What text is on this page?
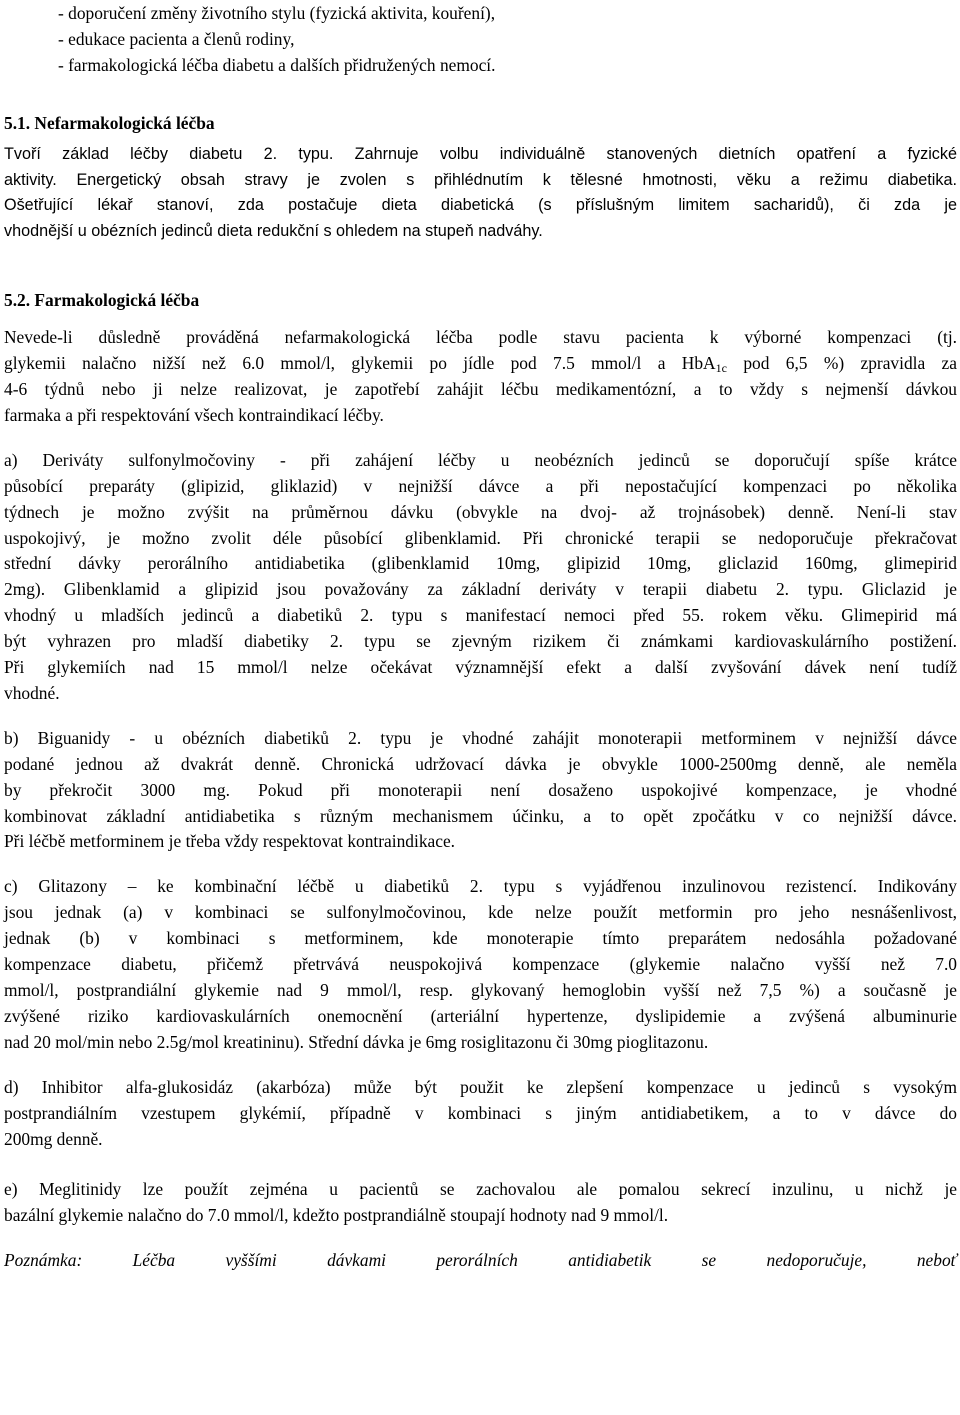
- doporučení změny životního stylu (fyzická aktivita, kouření),
- edukace pacienta a členů rodiny,
- farmakologická léčba diabetu a dalších přidružených nemocí.

5.1. Nefarmakologická léčba

Tvoří základ léčby diabetu 2. typu. Zahrnuje volbu individuálně stanovených dietních opatření a fyzické
aktivity. Energetický obsah stravy je zvolen s přihlédnutím k tělesné hmotnosti, věku a režimu diabetika.
Ošetřující lékař stanoví, zda postačuje dieta diabetická (s příslušným limitem sacharidů), či zda je
vhodnější u obézních jedinců dieta redukční s ohledem na stupeň nadváhy.

5.2. Farmakologická léčba

Nevede-li důsledně prováděná nefarmakologická léčba podle stavu pacienta k výborné kompenzaci (tj.
glykemii nalačno nižší než 6.0 mmol/l, glykemii po jídle pod 7.5 mmol/l a HbA$_{1c}$ pod 6,5 %) zpravidla za
4-6 týdnů nebo ji nelze realizovat, je zapotřebí zahájit léčbu medikamentózní, a to vždy s nejmenší dávkou
farmaka a při respektování všech kontraindikací léčby.
a) Deriváty sulfonylmočoviny - při zahájení léčby u neobézních jedinců se doporučují spíše krátce
působící preparáty (glipizid, gliklazid) v nejnižší dávce a při nepostačující kompenzaci po několika
týdnech je možno zvýšit na průměrnou dávku (obvykle na dvoj- až trojnásobek) denně. Není-li stav
uspokojivý, je možno zvolit déle působící glibenklamid. Při chronické terapii se nedoporučuje překračovat
střední dávky perorálního antidiabetika (glibenklamid 10mg, glipizid 10mg, gliclazid 160mg, glimepirid
2mg). Glibenklamid a glipizid jsou považovány za základní deriváty v terapii diabetu 2. typu. Gliclazid je
vhodný u mladších jedinců a diabetiků 2. typu s manifestací nemoci před 55. rokem věku. Glimepirid má
být vyhrazen pro mladší diabetiky 2. typu se zjevným rizikem či známkami kardiovaskulárního postižení.
Při glykemiích nad 15 mmol/l nelze očekávat významnější efekt a další zvyšování dávek není tudíž
vhodné.
b) Biguanidy - u obézních diabetiků 2. typu je vhodné zahájit monoterapii metforminem v nejnižší dávce
podané jednou až dvakrát denně. Chronická udržovací dávka je obvykle 1000-2500mg denně, ale neměla
by překročit 3000 mg. Pokud při monoterapii není dosaženo uspokojivé kompenzace, je vhodné
kombinovat základní antidiabetika s různým mechanismem účinku, a to opět zpočátku v co nejnižší dávce.
Při léčbě metforminem je třeba vždy respektovat kontraindikace.
c) Glitazony – ke kombinační léčbě u diabetiků 2. typu s vyjádřenou inzulinovou rezistencí. Indikovány
jsou jednak (a) v kombinaci se sulfonylmočovinou, kde nelze použít metformin pro jeho nesnášenlivost,
jednak (b) v kombinaci s metforminem, kde monoterapie tímto preparátem nedosáhla požadované
kompenzace diabetu, přičemž přetrvává neuspokojivá kompenzace (glykemie nalačno vyšší než 7.0
mmol/l, postprandiální glykemie nad 9 mmol/l, resp. glykovaný hemoglobin vyšší než 7,5 %) a současně je
zvýšené riziko kardiovaskulárních onemocnění (arteriální hypertenze, dyslipidemie a zvýšená albuminurie
nad 20 mol/min nebo 2.5g/mol kreatininu). Střední dávka je 6mg rosiglitazonu či 30mg pioglitazonu.
d) Inhibitor alfa-glukosidáz (akarbóza) může být použit ke zlepšení kompenzace u jedinců s vysokým
postprandiálním vzestupem glykémií, případně v kombinaci s jiným antidiabetikem, a to v dávce do
200mg denně.
e) Meglitinidy lze použít zejména u pacientů se zachovalou ale pomalou sekrecí inzulinu, u nichž je
bazální glykemie nalačno do 7.0 mmol/l, kdežto postprandiálně stoupají hodnoty nad 9 mmol/l.
Poznámka: Léčba vyššími dávkami perorálních antidiabetik se nedoporučuje, neboť
